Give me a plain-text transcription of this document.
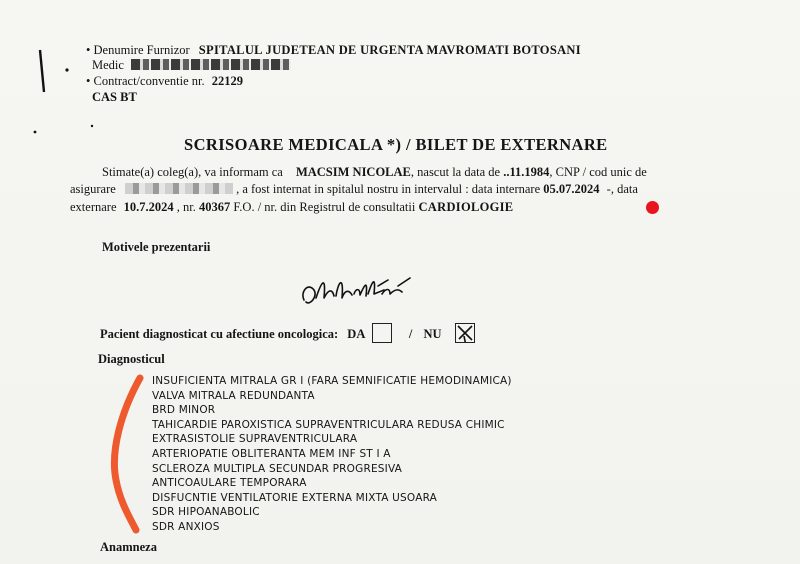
• Denumire Furnizor SPITALUL JUDETEAN DE URGENTA MAVROMATI BOTOSANI
Medic
• Contract/conventie nr. 22129
CAS BT
SCRISOARE MEDICALA *) / BILET DE EXTERNARE
Stimate(a) coleg(a), va informam ca MACSIM NICOLAE, nascut la data de ..11.1984, CNP / cod unic de
asigurare	, a fost internat in spitalul nostru in intervalul : data internare 05.07.2024 -, data
externare 10.7.2024 , nr. 40367 F.O. / nr. din Registrul de consultatii CARDIOLOGIE
Motivele prezentarii
Dispozitiv
Pacient diagnosticat cu afectiune oncologica: DA	/ NU
Diagnosticul
INSUFICIENTA MITRALA GR I (FARA SEMNIFICATIE HEMODINAMICA)
VALVA MITRALA REDUNDANTA
BRD MINOR
TAHICARDIE PAROXISTICA SUPRAVENTRICULARA REDUSA CHIMIC
EXTRASISTOLIE SUPRAVENTRICULARA
ARTERIOPATIE OBLITERANTA MEM INF ST I A
SCLEROZA MULTIPLA SECUNDAR PROGRESIVA
ANTICOAULARE TEMPORARA
DISFUCNTIE VENTILATORIE EXTERNA MIXTA USOARA
SDR HIPOANABOLIC
SDR ANXIOS
Anamneza
